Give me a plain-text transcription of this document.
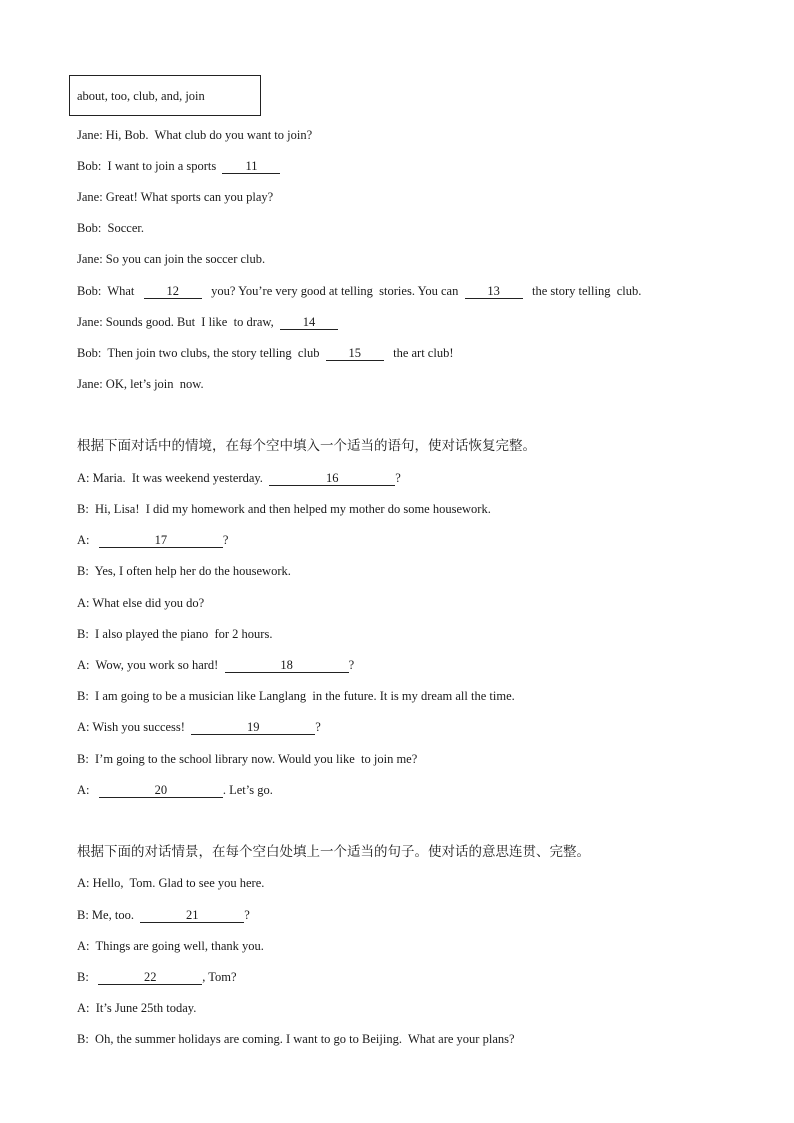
about, too, club, and, join
Jane: Hi, Bob.  What club do you want to join?
Bob:  I want to join a sports  11
Jane: Great! What sports can you play?
Bob:  Soccer.
Jane: So you can join the soccer club.
Bob:  What   12   you? You’re very good at telling  stories. You can  13   the story telling  club.
Jane: Sounds good. But  I like  to draw,  14
Bob:  Then join two clubs, the story telling  club  15   the art club!
Jane: OK, let’s join  now.
根据下面对话中的情境，在每个空中填入一个适当的语句，使对话恢复完整。
A: Maria.  It was weekend yesterday.	16	?
B:  Hi, Lisa!  I did my homework and then helped my mother do some housework.
A:	17	?
B:  Yes, I often help her do the housework.
A: What else did you do?
B:  I also played the piano  for 2 hours.
A:  Wow, you work so hard!	18	?
B:  I am going to be a musician like Langlang  in the future. It is my dream all the time.
A: Wish you success!	19	?
B:  I’m going to the school library now. Would you like  to join me?
A:	20	. Let’s go.
根据下面的对话情景，在每个空白处填上一个适当的句子。使对话的意思连贯、完整。
A: Hello,  Tom. Glad to see you here.
B: Me, too.	21	?
A:  Things are going well, thank you.
B:	22	, Tom?
A:  It’s June 25th today.
B:  Oh, the summer holidays are coming. I want to go to Beijing.  What are your plans?
